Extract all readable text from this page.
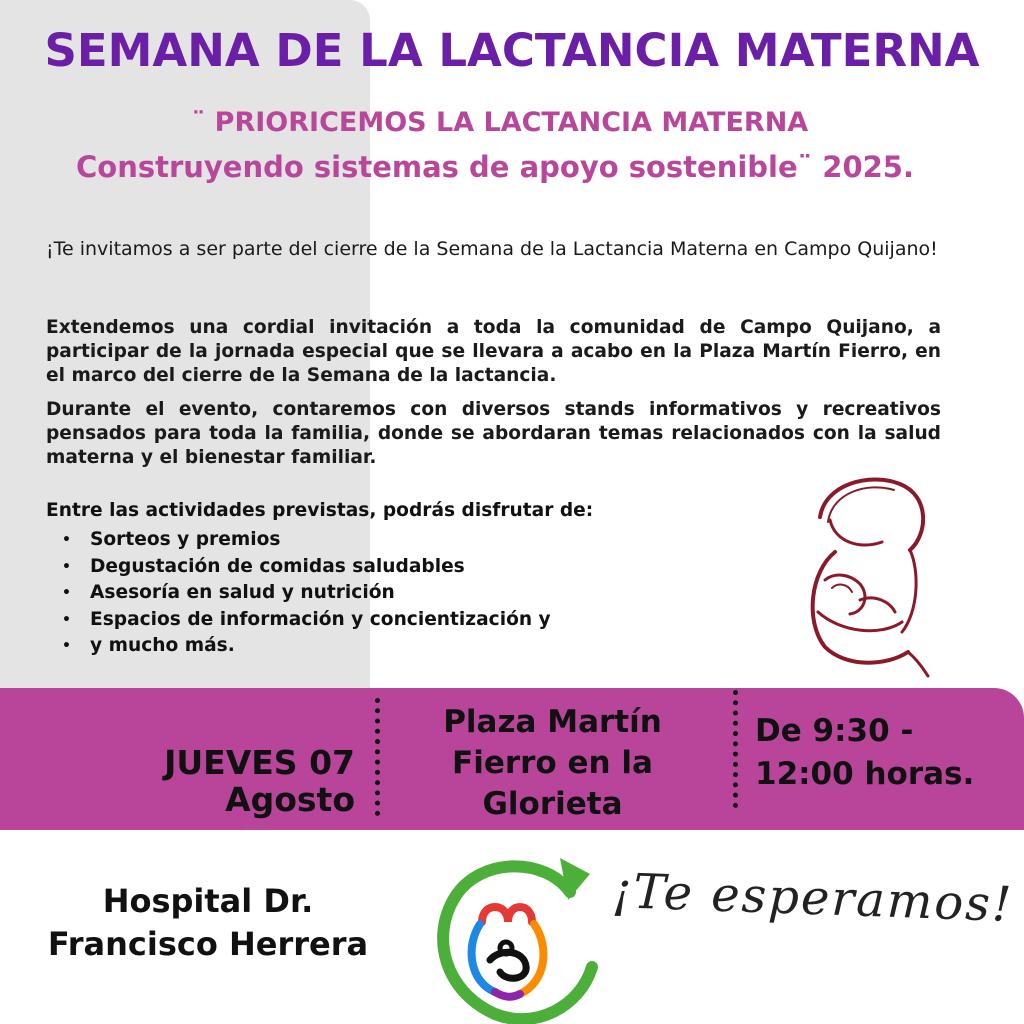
SEMANA DE LA LACTANCIA MATERNA
¨ PRIORICEMOS LA LACTANCIA MATERNA
Construyendo sistemas de apoyo sostenible¨ 2025.

¡Te invitamos a ser parte del cierre de la Semana de la Lactancia Materna en Campo Quijano!

Extendemos una cordial invitación a toda la comunidad de Campo Quijano, a participar de la jornada especial que se llevara a acabo en la Plaza Martín Fierro, en el marco del cierre de la Semana de la lactancia.

Durante el evento, contaremos con diversos stands informativos y recreativos pensados para toda la familia, donde se abordaran temas relacionados con la salud materna y el bienestar familiar.

Entre las actividades previstas, podrás disfrutar de:
• Sorteos y premios
• Degustación de comidas saludables
• Asesoría en salud y nutrición
• Espacios de información y concientización y
• y mucho más.
JUEVES 07
Agosto
Plaza Martín
Fierro en la
Glorieta
De 9:30 -
12:00 horas.
Hospital Dr.
Francisco Herrera
¡Te esperamos!
